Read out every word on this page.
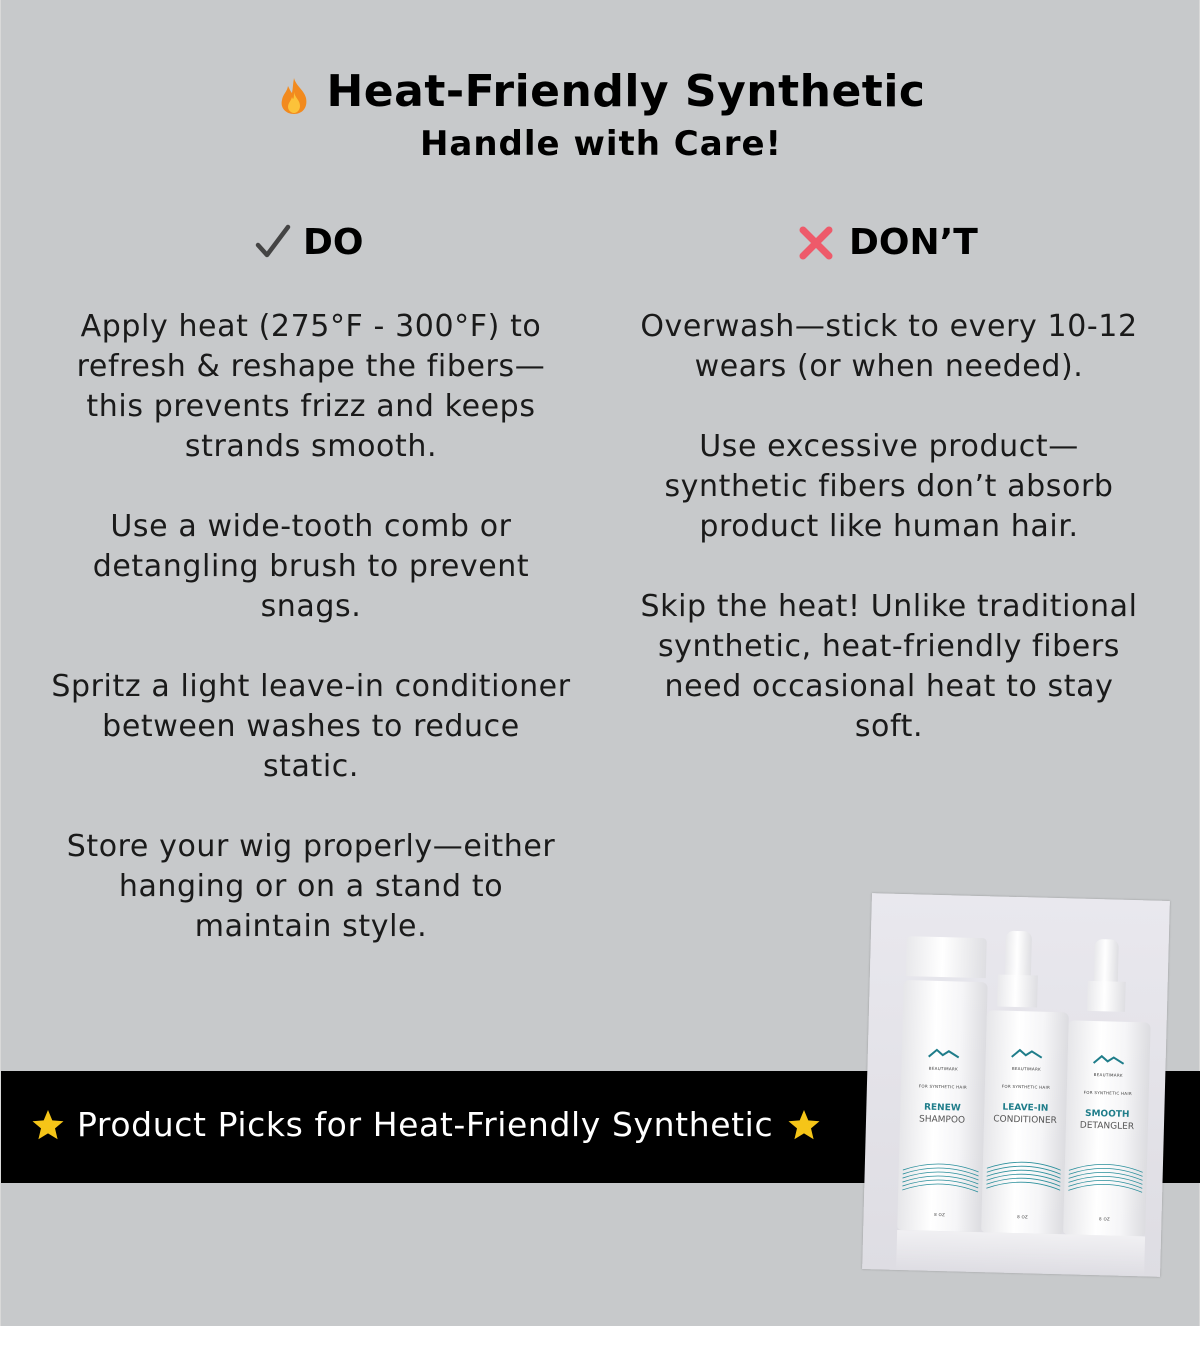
Heat-Friendly Synthetic
Handle with Care!
DO	DON’T

Apply heat (275°F - 300°F) to refresh & reshape the fibers—this prevents frizz and keeps strands smooth.

Use a wide-tooth comb or detangling brush to prevent snags.

Spritz a light leave-in conditioner between washes to reduce static.

Store your wig properly—either hanging or on a stand to maintain style.

Overwash—stick to every 10-12 wears (or when needed).

Use excessive product—synthetic fibers don’t absorb product like human hair.

Skip the heat! Unlike traditional synthetic, heat-friendly fibers need occasional heat to stay soft.

Product Picks for Heat-Friendly Synthetic
BEAUTIMARK
FOR SYNTHETIC HAIR
RENEW
SHAMPOO
8 OZ
BEAUTIMARK
FOR SYNTHETIC HAIR
LEAVE-IN
CONDITIONER
8 OZ
BEAUTIMARK
FOR SYNTHETIC HAIR
SMOOTH
DETANGLER
8 OZ
